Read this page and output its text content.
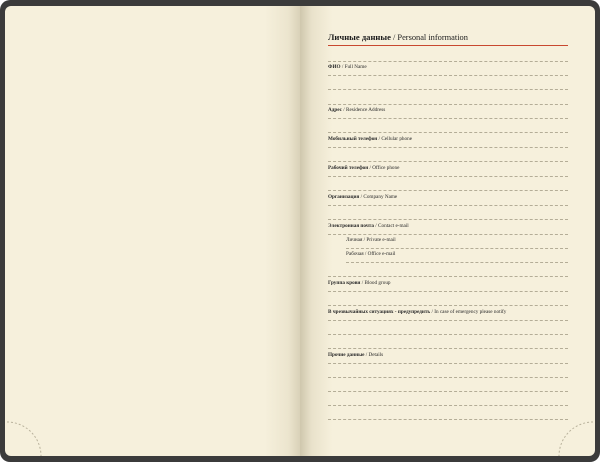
Личные данные / Personal information
ФИО / Full Name
Адрес / Residence Address
Мобильный телефон / Cellular phone
Рабочий телефон / Office phone
Организация / Company Name
Электронная почта / Contact e-mail
Личная / Private e-mail
Рабочая / Office e-mail
Группа крови / Blood group
В чрезвычайных ситуациях - предупредить / In case of emergency please notify
Прочие данные / Details
